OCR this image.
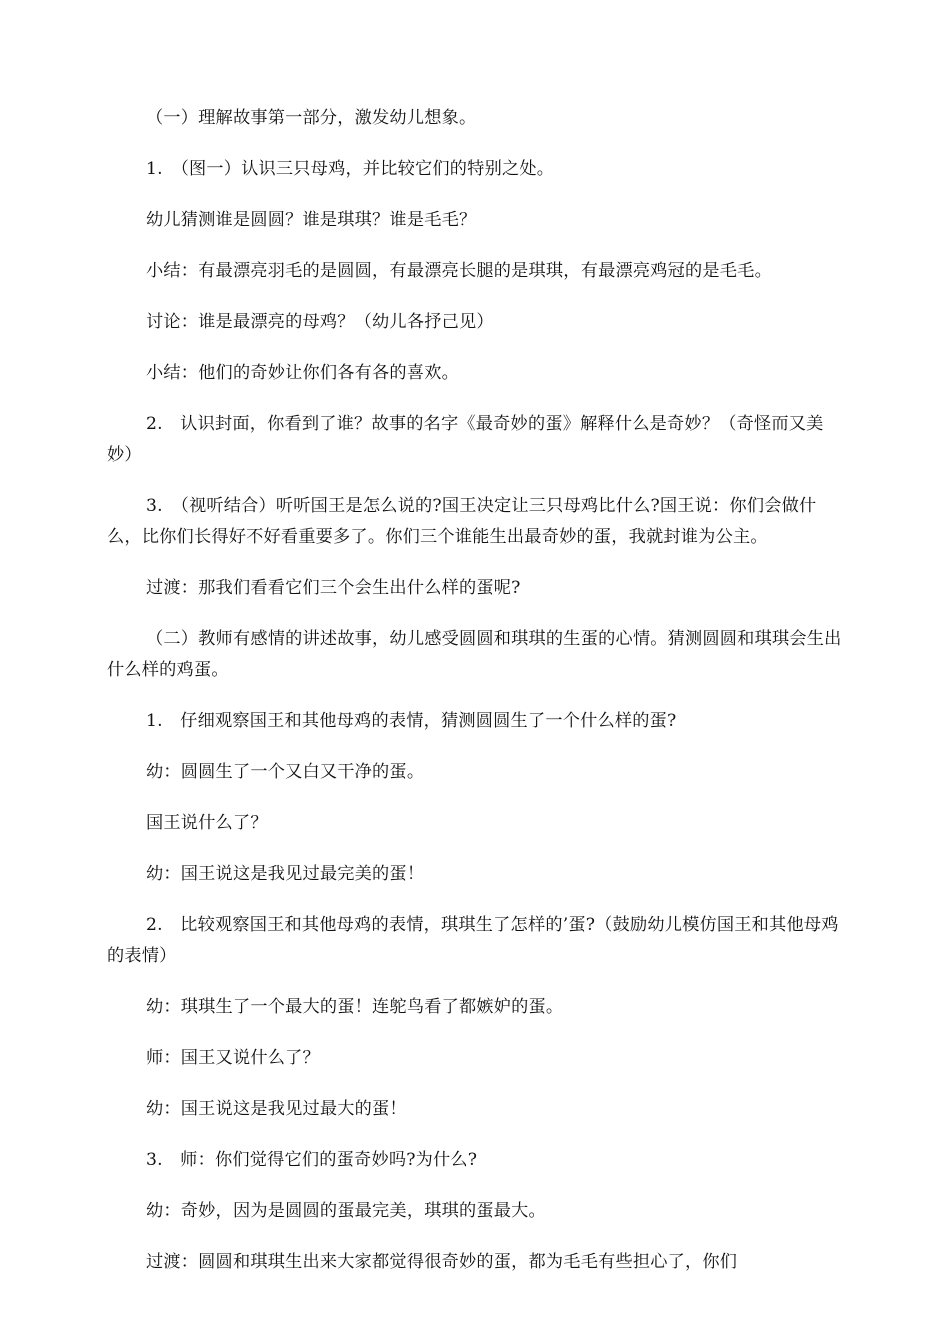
（一）理解故事第一部分，激发幼儿想象。

1.　（图一）认识三只母鸡，并比较它们的特别之处。

幼儿猜测谁是圆圆？谁是琪琪？谁是毛毛？

小结：有最漂亮羽毛的是圆圆，有最漂亮长腿的是琪琪，有最漂亮鸡冠的是毛毛。

讨论：谁是最漂亮的母鸡？（幼儿各抒己见）

小结：他们的奇妙让你们各有各的喜欢。

2.　认识封面，你看到了谁？故事的名字《最奇妙的蛋》解释什么是奇妙？（奇怪而又美妙）

3.　（视听结合）听听国王是怎么说的?国王决定让三只母鸡比什么?国王说：你们会做什么，比你们长得好不好看重要多了。你们三个谁能生出最奇妙的蛋，我就封谁为公主。

过渡：那我们看看它们三个会生出什么样的蛋呢?

（二）教师有感情的讲述故事，幼儿感受圆圆和琪琪的生蛋的心情。猜测圆圆和琪琪会生出什么样的鸡蛋。

1.　仔细观察国王和其他母鸡的表情，猜测圆圆生了一个什么样的蛋?

幼：圆圆生了一个又白又干净的蛋。

国王说什么了？

幼：国王说这是我见过最完美的蛋！

2.　比较观察国王和其他母鸡的表情，琪琪生了怎样的’蛋?（鼓励幼儿模仿国王和其他母鸡的表情）

幼：琪琪生了一个最大的蛋！连鸵鸟看了都嫉妒的蛋。

师：国王又说什么了？

幼：国王说这是我见过最大的蛋！

3.　师：你们觉得它们的蛋奇妙吗?为什么?

幼：奇妙，因为是圆圆的蛋最完美，琪琪的蛋最大。

过渡：圆圆和琪琪生出来大家都觉得很奇妙的蛋，都为毛毛有些担心了，你们
